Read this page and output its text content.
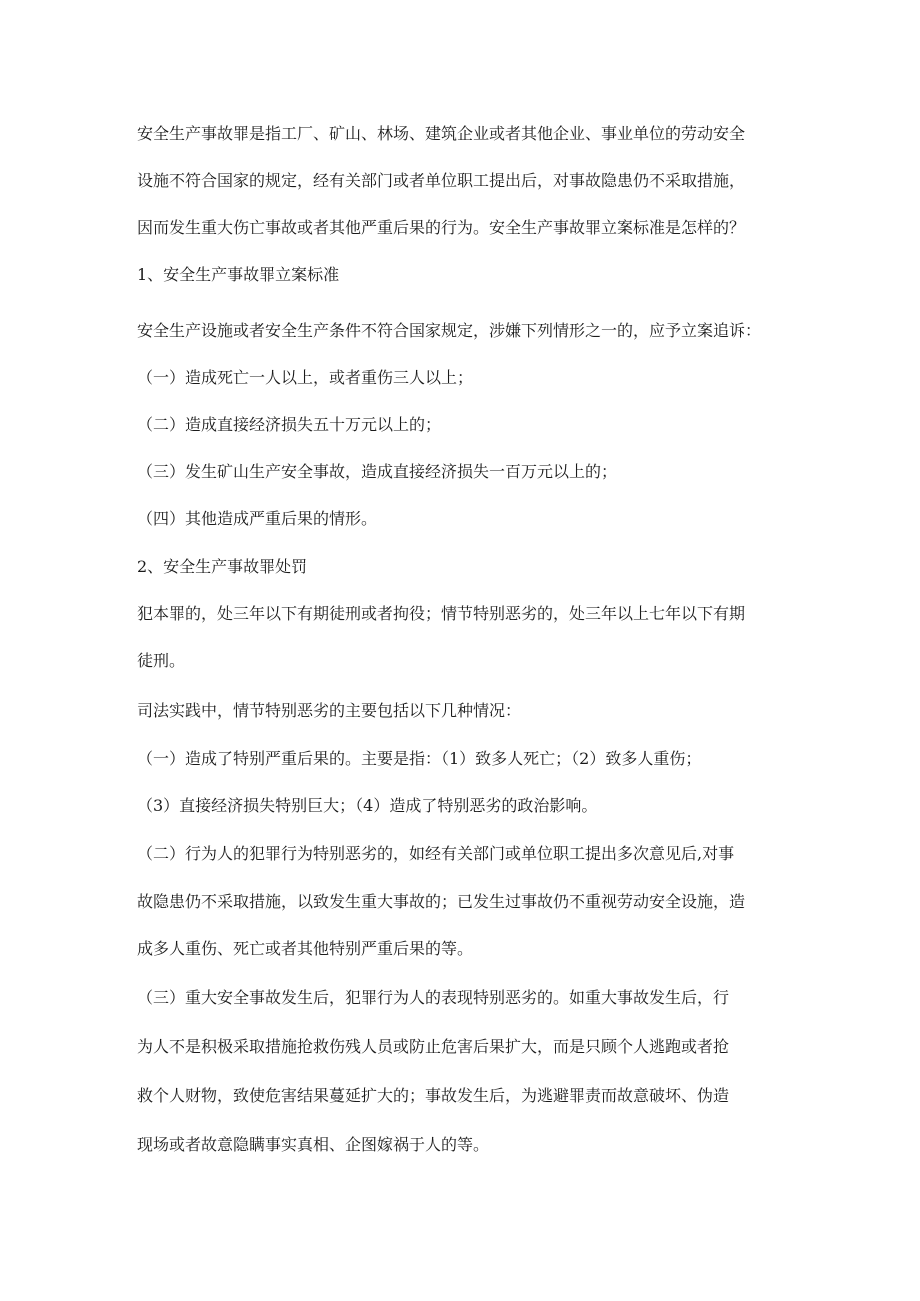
安全生产事故罪是指工厂、矿山、林场、建筑企业或者其他企业、事业单位的劳动安全

设施不符合国家的规定，经有关部门或者单位职工提出后，对事故隐患仍不采取措施，

因而发生重大伤亡事故或者其他严重后果的行为。安全生产事故罪立案标准是怎样的？

1、安全生产事故罪立案标准

安全生产设施或者安全生产条件不符合国家规定，涉嫌下列情形之一的，应予立案追诉：

（一）造成死亡一人以上，或者重伤三人以上；

（二）造成直接经济损失五十万元以上的；

（三）发生矿山生产安全事故，造成直接经济损失一百万元以上的；

（四）其他造成严重后果的情形。

2、安全生产事故罪处罚

犯本罪的，处三年以下有期徒刑或者拘役；情节特别恶劣的，处三年以上七年以下有期

徒刑。

司法实践中，情节特别恶劣的主要包括以下几种情况：

（一）造成了特别严重后果的。主要是指：（1）致多人死亡；（2）致多人重伤；

（3）直接经济损失特别巨大；（4）造成了特别恶劣的政治影响。

（二）行为人的犯罪行为特别恶劣的，如经有关部门或单位职工提出多次意见后,对事

故隐患仍不采取措施，以致发生重大事故的；已发生过事故仍不重视劳动安全设施，造

成多人重伤、死亡或者其他特别严重后果的等。

（三）重大安全事故发生后，犯罪行为人的表现特别恶劣的。如重大事故发生后，行

为人不是积极采取措施抢救伤残人员或防止危害后果扩大，而是只顾个人逃跑或者抢

救个人财物，致使危害结果蔓延扩大的；事故发生后，为逃避罪责而故意破坏、伪造

现场或者故意隐瞒事实真相、企图嫁祸于人的等。
